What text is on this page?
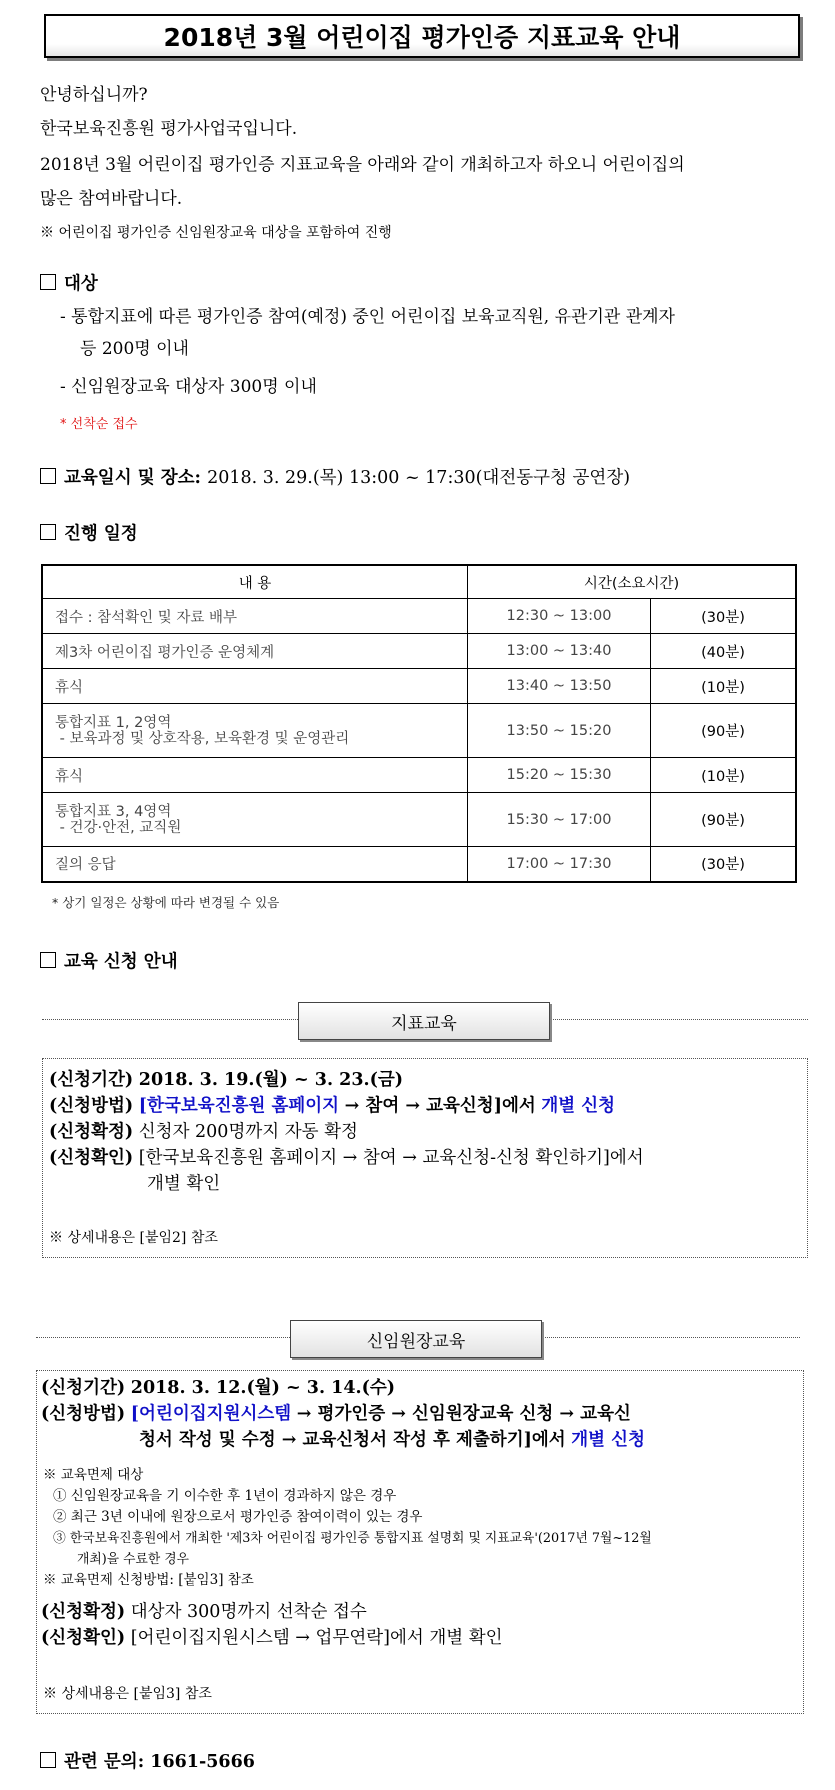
2018년 3월 어린이집 평가인증 지표교육 안내
안녕하십니까?
한국보육진흥원 평가사업국입니다.
2018년 3월 어린이집 평가인증 지표교육을 아래와 같이 개최하고자 하오니 어린이집의
많은 참여바랍니다.
※ 어린이집 평가인증 신임원장교육 대상을 포함하여 진행
대상
- 통합지표에 따른 평가인증 참여(예정) 중인 어린이집 보육교직원, 유관기관 관계자
등 200명 이내
- 신임원장교육 대상자 300명 이내
* 선착순 접수
교육일시 및 장소: 2018. 3. 29.(목) 13:00 ~ 17:30(대전동구청 공연장)
진행 일정
내 용	시간(소요시간)	
접수 : 참석확인 및 자료 배부	12:30 ~ 13:00	(30분)
제3차 어린이집 평가인증 운영체계	13:00 ~ 13:40	(40분)
휴식	13:40 ~ 13:50	(10분)

통합지표 1, 2영역
- 보육과정 및 상호작용, 보육환경 및 운영관리	13:50 ~ 15:20	(90분)
휴식	15:20 ~ 15:30	(10분)

통합지표 3, 4영역
- 건강·안전, 교직원	15:30 ~ 17:00	(90분)
질의 응답	17:00 ~ 17:30	(30분)
* 상기 일정은 상황에 따라 변경될 수 있음
교육 신청 안내
지표교육
(신청기간) 2018. 3. 19.(월) ~ 3. 23.(금)
(신청방법) [한국보육진흥원 홈페이지 → 참여 → 교육신청]에서 개별 신청
(신청확정) 신청자 200명까지 자동 확정
(신청확인) [한국보육진흥원 홈페이지 → 참여 → 교육신청-신청 확인하기]에서
개별 확인
※ 상세내용은 [붙임2] 참조
신임원장교육
(신청기간) 2018. 3. 12.(월) ~ 3. 14.(수)
(신청방법) [어린이집지원시스템 → 평가인증 → 신임원장교육 신청 → 교육신
청서 작성 및 수정 → 교육신청서 작성 후 제출하기]에서 개별 신청
※ 교육면제 대상
① 신임원장교육을 기 이수한 후 1년이 경과하지 않은 경우
② 최근 3년 이내에 원장으로서 평가인증 참여이력이 있는 경우
③ 한국보육진흥원에서 개최한 '제3차 어린이집 평가인증 통합지표 설명회 및 지표교육'(2017년 7월~12월
개최)을 수료한 경우
※ 교육면제 신청방법: [붙임3] 참조
(신청확정) 대상자 300명까지 선착순 접수
(신청확인) [어린이집지원시스템 → 업무연락]에서 개별 확인
※ 상세내용은 [붙임3] 참조
관련 문의: 1661-5666
